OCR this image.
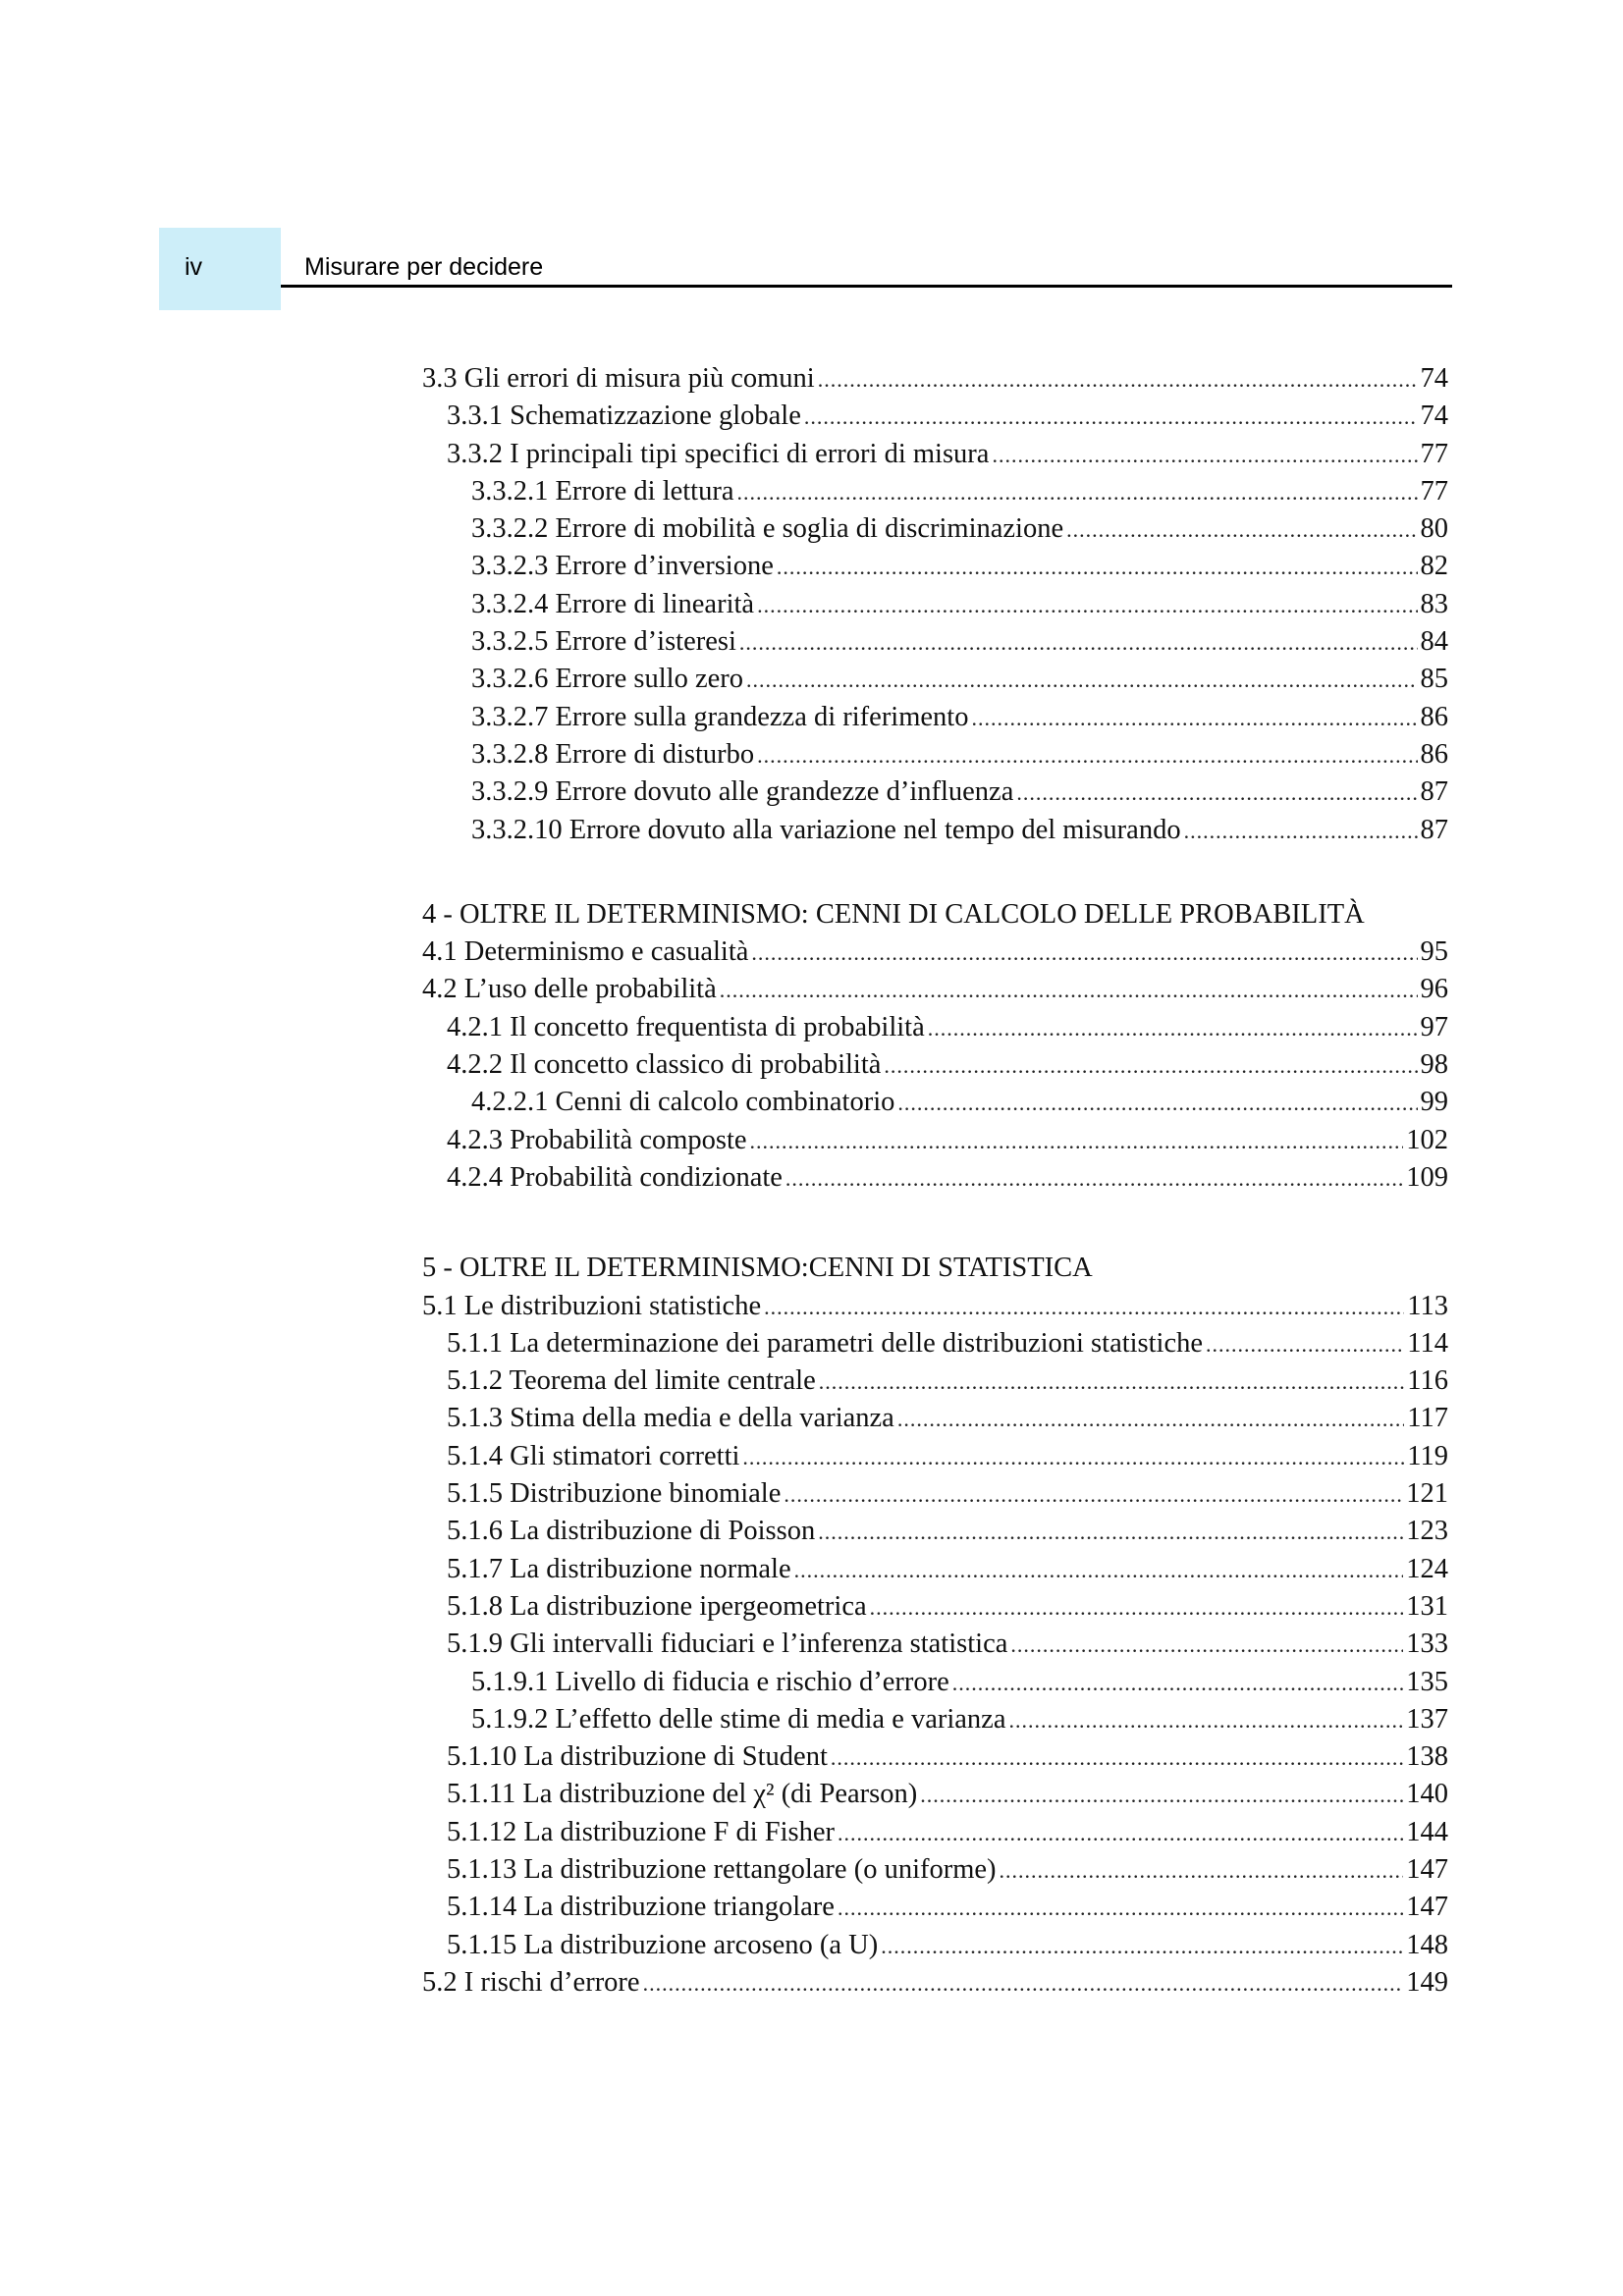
iv	Misurare per decidere
3.3 Gli errori di misura più comuni .....	74
3.3.1 Schematizzazione globale .....	74
3.3.2 I principali tipi specifici di errori di misura .....	77
3.3.2.1 Errore di lettura .....	77
3.3.2.2 Errore di mobilità e soglia di discriminazione .....	80
3.3.2.3 Errore d’inversione .....	82
3.3.2.4 Errore di linearità .....	83
3.3.2.5 Errore d’isteresi .....	84
3.3.2.6 Errore sullo zero .....	85
3.3.2.7 Errore sulla grandezza di riferimento .....	86
3.3.2.8 Errore di disturbo .....	86
3.3.2.9 Errore dovuto alle grandezze d’influenza .....	87
3.3.2.10 Errore dovuto alla variazione nel tempo del misurando .....	87
4 - OLTRE IL DETERMINISMO: CENNI DI CALCOLO DELLE PROBABILITÀ
4.1 Determinismo e casualità .....	95
4.2 L’uso delle probabilità .....	96
4.2.1 Il concetto frequentista di probabilità .....	97
4.2.2 Il concetto classico di probabilità .....	98
4.2.2.1 Cenni di calcolo combinatorio .....	99
4.2.3 Probabilità composte .....	102
4.2.4 Probabilità condizionate .....	109
5 - OLTRE IL DETERMINISMO:CENNI DI STATISTICA
5.1 Le distribuzioni statistiche .....	113
5.1.1 La determinazione dei parametri delle distribuzioni statistiche .....	114
5.1.2 Teorema del limite centrale .....	116
5.1.3 Stima della media e della varianza .....	117
5.1.4 Gli stimatori corretti .....	119
5.1.5 Distribuzione binomiale .....	121
5.1.6 La distribuzione di Poisson .....	123
5.1.7 La distribuzione normale .....	124
5.1.8 La distribuzione ipergeometrica .....	131
5.1.9 Gli intervalli fiduciari e l’inferenza statistica .....	133
5.1.9.1 Livello di fiducia e rischio d’errore .....	135
5.1.9.2 L’effetto delle stime di media e varianza .....	137
5.1.10 La distribuzione di Student .....	138
5.1.11 La distribuzione del χ² (di Pearson) .....	140
5.1.12 La distribuzione F di Fisher .....	144
5.1.13 La distribuzione rettangolare (o uniforme) .....	147
5.1.14 La distribuzione triangolare .....	147
5.1.15 La distribuzione arcoseno (a U) .....	148
5.2 I rischi d’errore .....	149
